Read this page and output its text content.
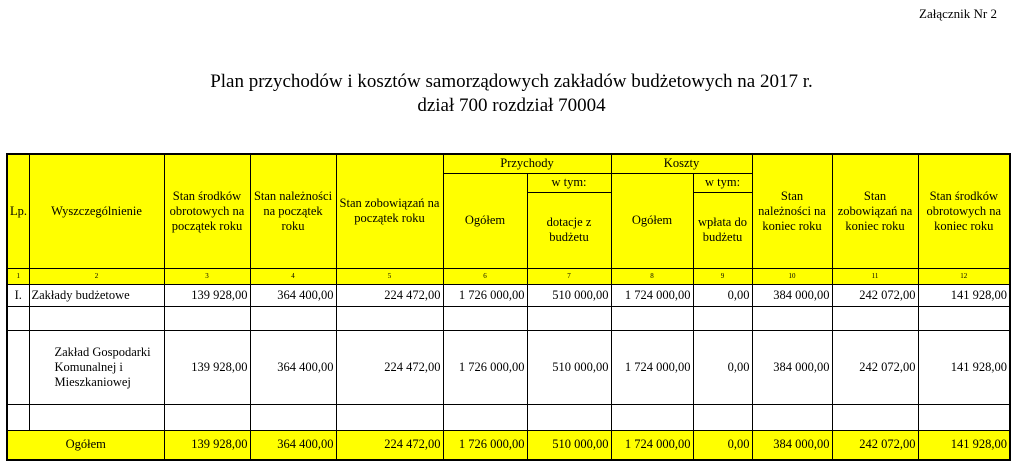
Załącznik Nr 2
Plan przychodów i kosztów samorządowych zakładów budżetowych na 2017 r.
dział 700 rozdział 70004
Lp.	Wyszczególnienie	Stan środków obrotowych na początek roku	Stan należności na początek roku	Stan zobowiązań na początek roku	Przychody		Koszty		Stan należności na koniec roku	Stan zobowiązań na koniec roku	Stan środków obrotowych na koniec roku
					Ogółem	w tym:	Ogółem	w tym:			
						dotacje z budżetu		wpłata do budżetu			

1	2	3	4	5	6	7	8	9	10	11	12
I.	Zakłady budżetowe	139 928,00	364 400,00	224 472,00	1 726 000,00	510 000,00	1 724 000,00	0,00	384 000,00	242 072,00	141 928,00

	Zakład Gospodarki Komunalnej i Mieszkaniowej	139 928,00	364 400,00	224 472,00	1 726 000,00	510 000,00	1 724 000,00	0,00	384 000,00	242 072,00	141 928,00

Ogółem		139 928,00	364 400,00	224 472,00	1 726 000,00	510 000,00	1 724 000,00	0,00	384 000,00	242 072,00	141 928,00
